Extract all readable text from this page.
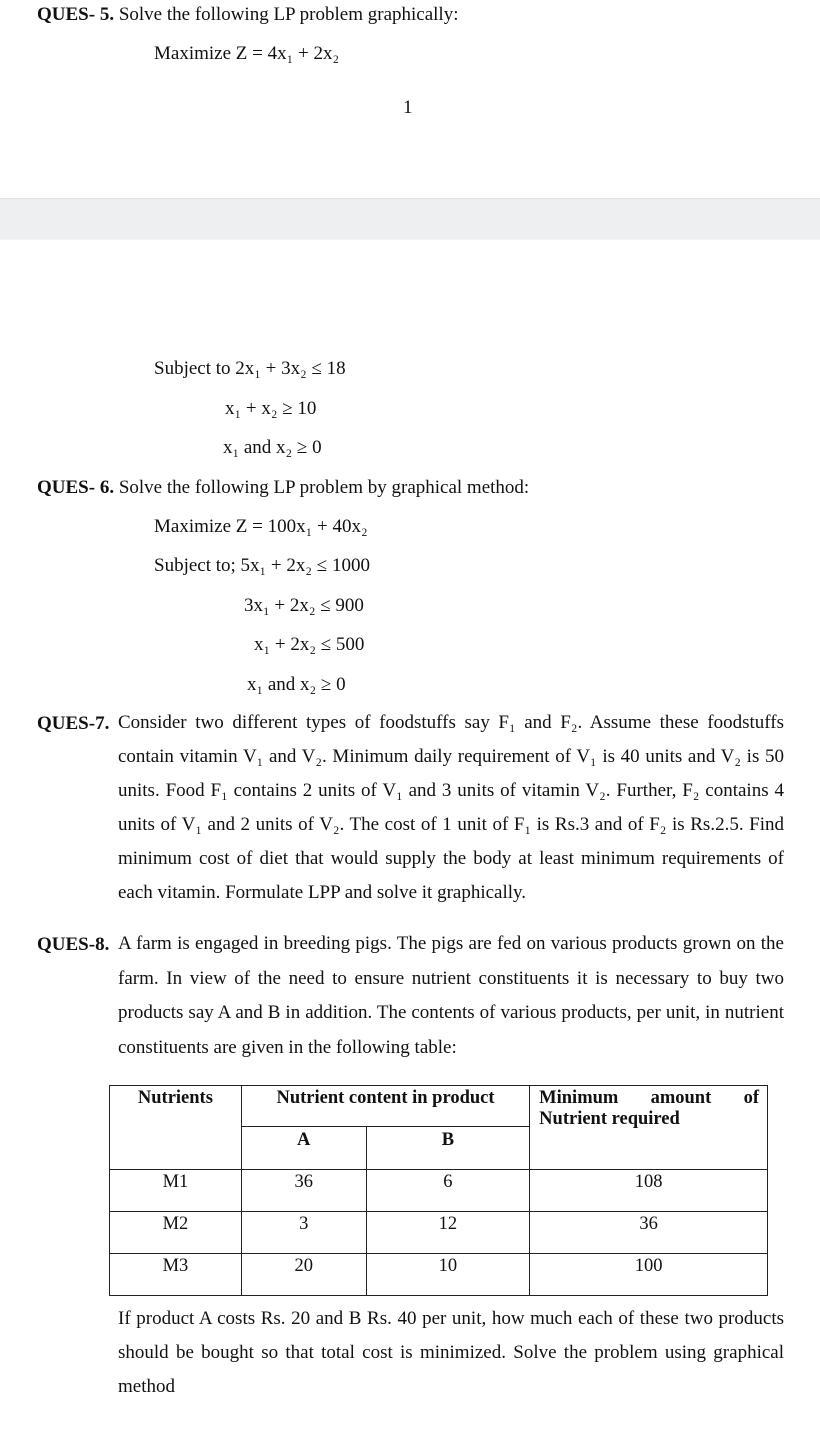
QUES- 5. Solve the following LP problem graphically:
Maximize Z = 4x₁ + 2x₂
1
Subject to 2x₁ + 3x₂ ≤ 18
x₁ + x₂ ≥ 10
x₁ and x₂ ≥ 0
QUES- 6. Solve the following LP problem by graphical method:
Maximize Z = 100x₁ + 40x₂
Subject to; 5x₁ + 2x₂ ≤ 1000
3x₁ + 2x₂ ≤ 900
x₁ + 2x₂ ≤ 500
x₁ and x₂ ≥ 0
QUES-7. Consider two different types of foodstuffs say F₁ and F₂. Assume these foodstuffs contain vitamin V₁ and V₂. Minimum daily requirement of V₁ is 40 units and V₂ is 50 units. Food F₁ contains 2 units of V₁ and 3 units of vitamin V₂. Further, F₂ contains 4 units of V₁ and 2 units of V₂. The cost of 1 unit of F₁ is Rs.3 and of F₂ is Rs.2.5. Find minimum cost of diet that would supply the body at least minimum requirements of each vitamin. Formulate LPP and solve it graphically.
QUES-8. A farm is engaged in breeding pigs. The pigs are fed on various products grown on the farm. In view of the need to ensure nutrient constituents it is necessary to buy two products say A and B in addition. The contents of various products, per unit, in nutrient constituents are given in the following table:
Nutrients	Nutrient content in product		Minimum amount of
Nutrient required

	A	B	
M1	36	6	108
M2	3	12	36
M3	20	10	100
If product A costs Rs. 20 and B Rs. 40 per unit, how much each of these two products should be bought so that total cost is minimized. Solve the problem using graphical method
